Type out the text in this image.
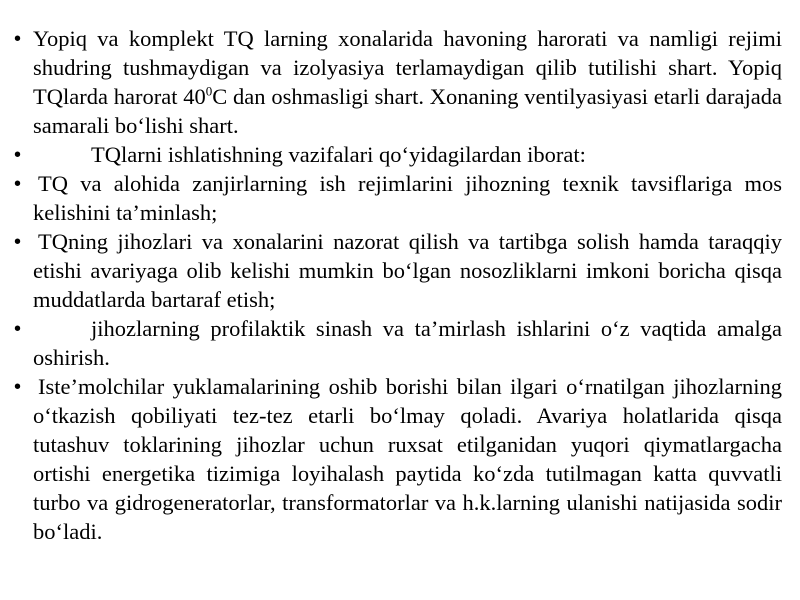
• Yopiq va komplekt TQ larning xonalarida havoning harorati va namligi rejimi shudring tushmaydigan va izolyasiya terlamaydigan qilib tutilishi shart. Yopiq TQlarda harorat $40^0C$ dan oshmasligi shart. Xonaning ventilyasiyasi etarli darajada samarali bo‘lishi shart.
•	TQlarni ishlatishning vazifalari qo‘yidagilardan iborat:
• TQ va alohida zanjirlarning ish rejimlarini jihozning texnik tavsiflariga mos kelishini ta’minlash;
• TQning jihozlari va xonalarini nazorat qilish va tartibga solish hamda taraqqiy etishi avariyaga olib kelishi mumkin bo‘lgan nosozliklarni imkoni boricha qisqa muddatlarda bartaraf etish;
•	jihozlarning profilaktik sinash va ta’mirlash ishlarini o‘z vaqtida amalga oshirish.
• Iste’molchilar yuklamalarining oshib borishi bilan ilgari o‘rnatilgan jihozlarning o‘tkazish qobiliyati tez-tez etarli bo‘lmay qoladi. Avariya holatlarida qisqa tutashuv toklarining jihozlar uchun ruxsat etilganidan yuqori qiymatlargacha ortishi energetika tizimiga loyihalash paytida ko‘zda tutilmagan katta quvvatli turbo va gidrogeneratorlar, transformatorlar va h.k.larning ulanishi natijasida sodir bo‘ladi.
